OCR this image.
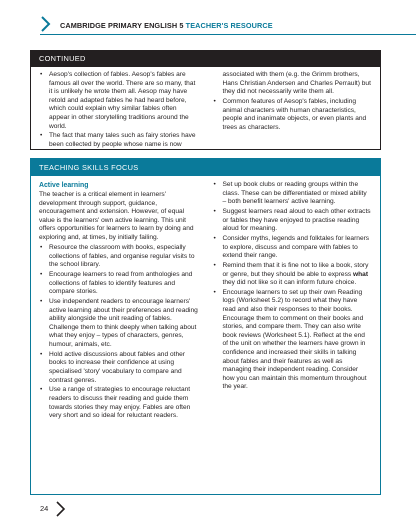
CAMBRIDGE PRIMARY ENGLISH 5 TEACHER'S RESOURCE
CONTINUED
• Aesop's collection of fables. Aesop's fables are famous all over the world. There are so many, that it is unlikely he wrote them all. Aesop may have retold and adapted fables he had heard before, which could explain why similar fables often appear in other storytelling traditions around the world.
• The fact that many tales such as fairy stories have been collected by people whose name is now

associated with them (e.g. the Grimm brothers, Hans Christian Andersen and Charles Perrault) but they did not necessarily write them all.

• Common features of Aesop's fables, including animal characters with human characteristics, people and inanimate objects, or even plants and trees as characters.
TEACHING SKILLS FOCUS
Active learning

The teacher is a critical element in learners' development through support, guidance, encouragement and extension. However, of equal value is the learners' own active learning. This unit offers opportunities for learners to learn by doing and exploring and, at times, by initially failing.

• Resource the classroom with books, especially collections of fables, and organise regular visits to the school library.
• Encourage learners to read from anthologies and collections of fables to identify features and compare stories.
• Use independent readers to encourage learners' active learning about their preferences and reading ability alongside the unit reading of fables. Challenge them to think deeply when talking about what they enjoy – types of characters, genres, humour, animals, etc.
• Hold active discussions about fables and other books to increase their confidence at using specialised 'story' vocabulary to compare and contrast genres.
• Use a range of strategies to encourage reluctant readers to discuss their reading and guide them towards stories they may enjoy. Fables are often very short and so ideal for reluctant readers.
• Set up book clubs or reading groups within the class. These can be differentiated or mixed ability – both benefit learners' active learning.
• Suggest learners read aloud to each other extracts or fables they have enjoyed to practise reading aloud for meaning.
• Consider myths, legends and folktales for learners to explore, discuss and compare with fables to extend their range.
• Remind them that it is fine not to like a book, story or genre, but they should be able to express what they did not like so it can inform future choice.
• Encourage learners to set up their own Reading logs (Worksheet 5.2) to record what they have read and also their responses to their books. Encourage them to comment on their books and stories, and compare them. They can also write book reviews (Worksheet 5.1). Reflect at the end of the unit on whether the learners have grown in confidence and increased their skills in talking about fables and their features as well as managing their independent reading. Consider how you can maintain this momentum throughout the year.
24
